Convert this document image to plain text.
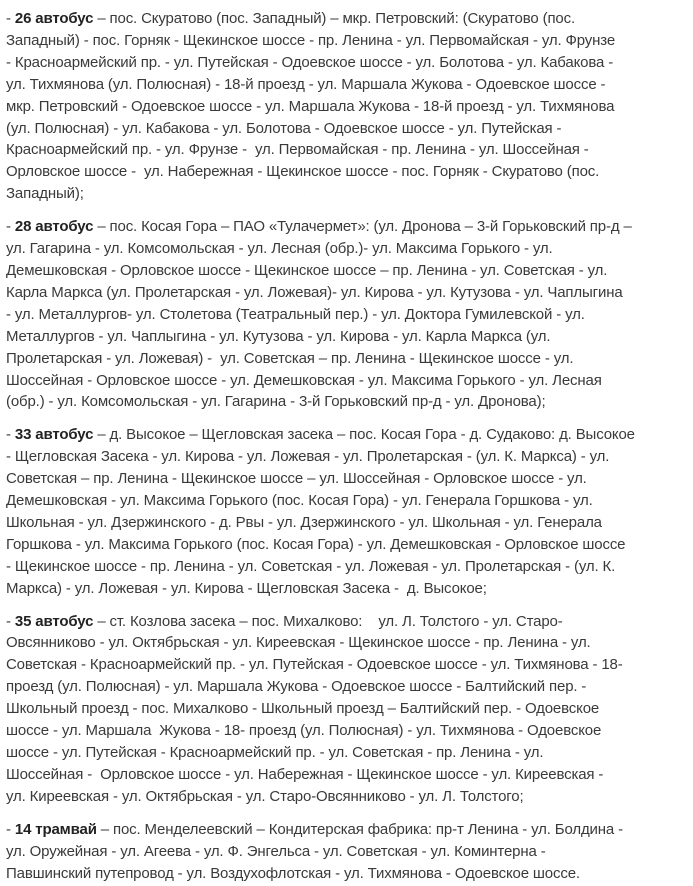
- 26 автобус – пос. Скуратово (пос. Западный) – мкр. Петровский: (Скуратово (пос.
Западный) - пос. Горняк - Щекинское шоссе - пр. Ленина - ул. Первомайская - ул. Фрунзе
- Красноармейский пр. - ул. Путейская - Одоевское шоссе - ул. Болотова - ул. Кабакова -
ул. Тихмянова (ул. Полюсная) - 18-й проезд - ул. Маршала Жукова - Одоевское шоссе -
мкр. Петровский - Одоевское шоссе - ул. Маршала Жукова - 18-й проезд - ул. Тихмянова
(ул. Полюсная) - ул. Кабакова - ул. Болотова - Одоевское шоссе - ул. Путейская -
Красноармейский пр. - ул. Фрунзе -  ул. Первомайская - пр. Ленина - ул. Шоссейная -
Орловское шоссе -  ул. Набережная - Щекинское шоссе - пос. Горняк - Скуратово (пос.
Западный);

- 28 автобус – пос. Косая Гора – ПАО «Тулачермет»: (ул. Дронова – 3-й Горьковский пр-д –
ул. Гагарина - ул. Комсомольская - ул. Лесная (обр.)- ул. Максима Горького - ул.
Демешковская - Орловское шоссе - Щекинское шоссе – пр. Ленина - ул. Советская - ул.
Карла Маркса (ул. Пролетарская - ул. Ложевая)- ул. Кирова - ул. Кутузова - ул. Чаплыгина
- ул. Металлургов- ул. Столетова (Театральный пер.) - ул. Доктора Гумилевской - ул.
Металлургов - ул. Чаплыгина - ул. Кутузова - ул. Кирова - ул. Карла Маркса (ул.
Пролетарская - ул. Ложевая) -  ул. Советская – пр. Ленина - Щекинское шоссе - ул.
Шоссейная - Орловское шоссе - ул. Демешковская - ул. Максима Горького - ул. Лесная
(обр.) - ул. Комсомольская - ул. Гагарина - 3-й Горьковский пр-д - ул. Дронова);

- 33 автобус – д. Высокое – Щегловская засека – пос. Косая Гора - д. Судаково: д. Высокое
- Щегловская Засека - ул. Кирова - ул. Ложевая - ул. Пролетарская - (ул. К. Маркса) - ул.
Советская – пр. Ленина - Щекинское шоссе – ул. Шоссейная - Орловское шоссе - ул.
Демешковская - ул. Максима Горького (пос. Косая Гора) - ул. Генерала Горшкова - ул.
Школьная - ул. Дзержинского - д. Рвы - ул. Дзержинского - ул. Школьная - ул. Генерала
Горшкова - ул. Максима Горького (пос. Косая Гора) - ул. Демешковская - Орловское шоссе
- Щекинское шоссе - пр. Ленина - ул. Советская - ул. Ложевая - ул. Пролетарская - (ул. К.
Маркса) - ул. Ложевая - ул. Кирова - Щегловская Засека -  д. Высокое;

- 35 автобус – ст. Козлова засека – пос. Михалково:    ул. Л. Толстого - ул. Старо-
Овсянниково - ул. Октябрьская - ул. Киреевская - Щекинское шоссе - пр. Ленина - ул.
Советская - Красноармейский пр. - ул. Путейская - Одоевское шоссе - ул. Тихмянова - 18-
проезд (ул. Полюсная) - ул. Маршала Жукова - Одоевское шоссе - Балтийский пер. -
Школьный проезд - пос. Михалково - Школьный проезд – Балтийский пер. - Одоевское
шоссе - ул. Маршала  Жукова - 18- проезд (ул. Полюсная) - ул. Тихмянова - Одоевское
шоссе - ул. Путейская - Красноармейский пр. - ул. Советская - пр. Ленина - ул.
Шоссейная -  Орловское шоссе - ул. Набережная - Щекинское шоссе - ул. Киреевская -
ул. Киреевская - ул. Октябрьская - ул. Старо-Овсянниково - ул. Л. Толстого;

- 14 трамвай – пос. Менделеевский – Кондитерская фабрика: пр-т Ленина - ул. Болдина -
ул. Оружейная - ул. Агеева - ул. Ф. Энгельса - ул. Советская - ул. Коминтерна -
Павшинский путепровод - ул. Воздухофлотская - ул. Тихмянова - Одоевское шоссе.
